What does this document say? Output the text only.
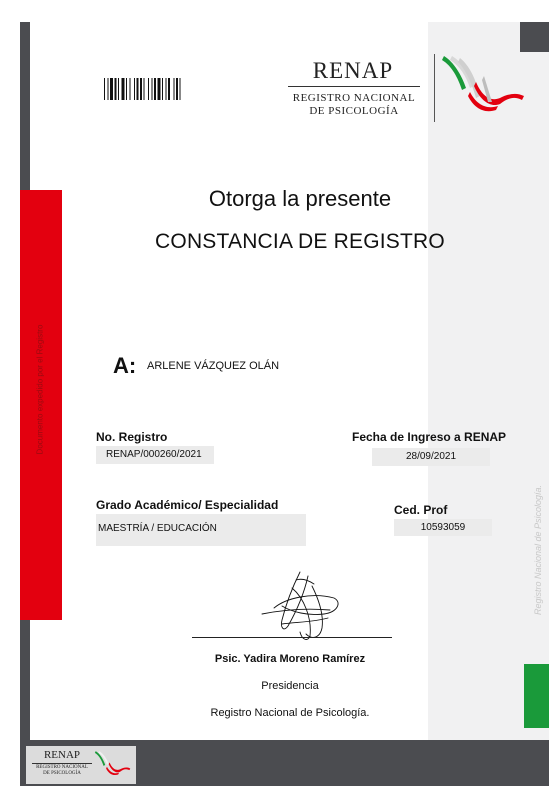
Documento expedido por el Registro
Registro Nacional de Psicología.
RENAP
REGISTRO NACIONAL
DE PSICOLOGÍA
Otorga la presente
CONSTANCIA DE REGISTRO
A: ARLENE VÁZQUEZ OLÁN
No. Registro
RENAP/000260/2021
Fecha de Ingreso a RENAP
28/09/2021
Grado Académico/ Especialidad
MAESTRÍA / EDUCACIÓN
Ced. Prof
10593059
Psic. Yadira Moreno Ramírez
Presidencia
Registro Nacional de Psicología.
RENAP
REGISTRO NACIONAL
DE PSICOLOGÍA
